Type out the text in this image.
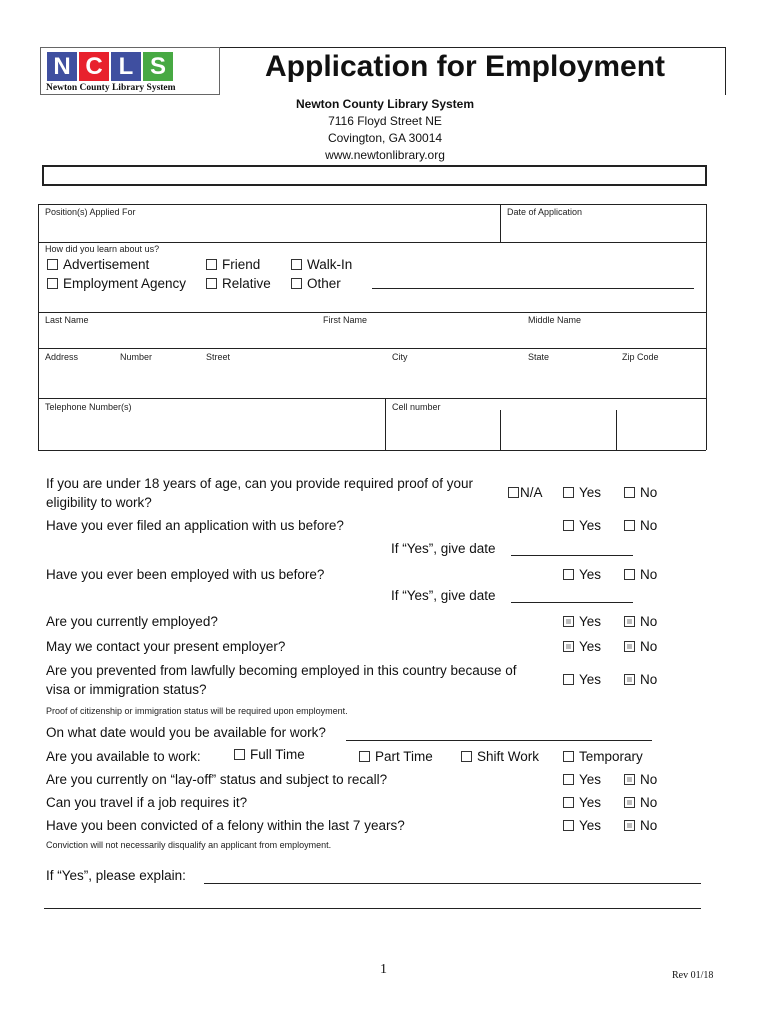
N C L S
Newton County Library System
Application for Employment
Newton County Library System
7116 Floyd Street NE
Covington, GA 30014
www.newtonlibrary.org
Position(s) Applied For	Date of Application
How did you learn about us?
Advertisement
Employment Agency
Friend
Relative
Walk-In
Other
Last Name	First Name	Middle Name
Address	Number	Street	City	State	Zip Code
Telephone Number(s)	Cell number
If you are under 18 years of age, can you provide required proof of your
eligibility to work?
N/A	Yes	No
Have you ever filed an application with us before?	Yes	No
If “Yes”, give date
Have you ever been employed with us before?	Yes	No
If “Yes”, give date
Are you currently employed?	Yes	No
May we contact your present employer?	Yes	No
Are you prevented from lawfully becoming employed in this country because of
visa or immigration status?
Yes	No
Proof of citizenship or immigration status will be required upon employment.
On what date would you be available for work?
Are you available to work:	Full Time	Part Time	Shift Work	Temporary
Are you currently on “lay-off” status and subject to recall?	Yes	No
Can you travel if a job requires it?	Yes	No
Have you been convicted of a felony within the last 7 years?	Yes	No
Conviction will not necessarily disqualify an applicant from employment.
If “Yes”, please explain:
1	Rev 01/18
